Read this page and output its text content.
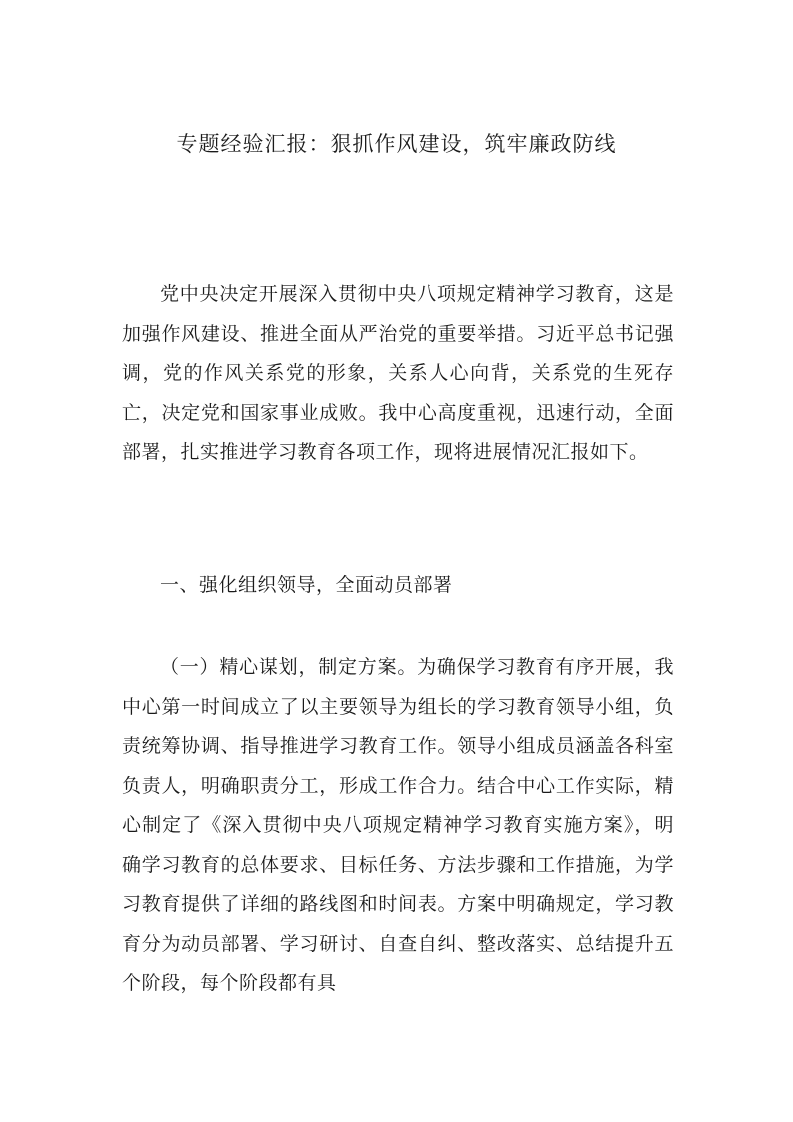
专题经验汇报：狠抓作风建设，筑牢廉政防线

党中央决定开展深入贯彻中央八项规定精神学习教育，这是加强作风建设、推进全面从严治党的重要举措。习近平总书记强调，党的作风关系党的形象，关系人心向背，关系党的生死存亡，决定党和国家事业成败。我中心高度重视，迅速行动，全面部署，扎实推进学习教育各项工作，现将进展情况汇报如下。

一、强化组织领导，全面动员部署

（一）精心谋划，制定方案。为确保学习教育有序开展，我中心第一时间成立了以主要领导为组长的学习教育领导小组，负责统筹协调、指导推进学习教育工作。领导小组成员涵盖各科室负责人，明确职责分工，形成工作合力。结合中心工作实际，精心制定了《深入贯彻中央八项规定精神学习教育实施方案》，明确学习教育的总体要求、目标任务、方法步骤和工作措施，为学习教育提供了详细的路线图和时间表。方案中明确规定，学习教育分为动员部署、学习研讨、自查自纠、整改落实、总结提升五个阶段，每个阶段都有具
